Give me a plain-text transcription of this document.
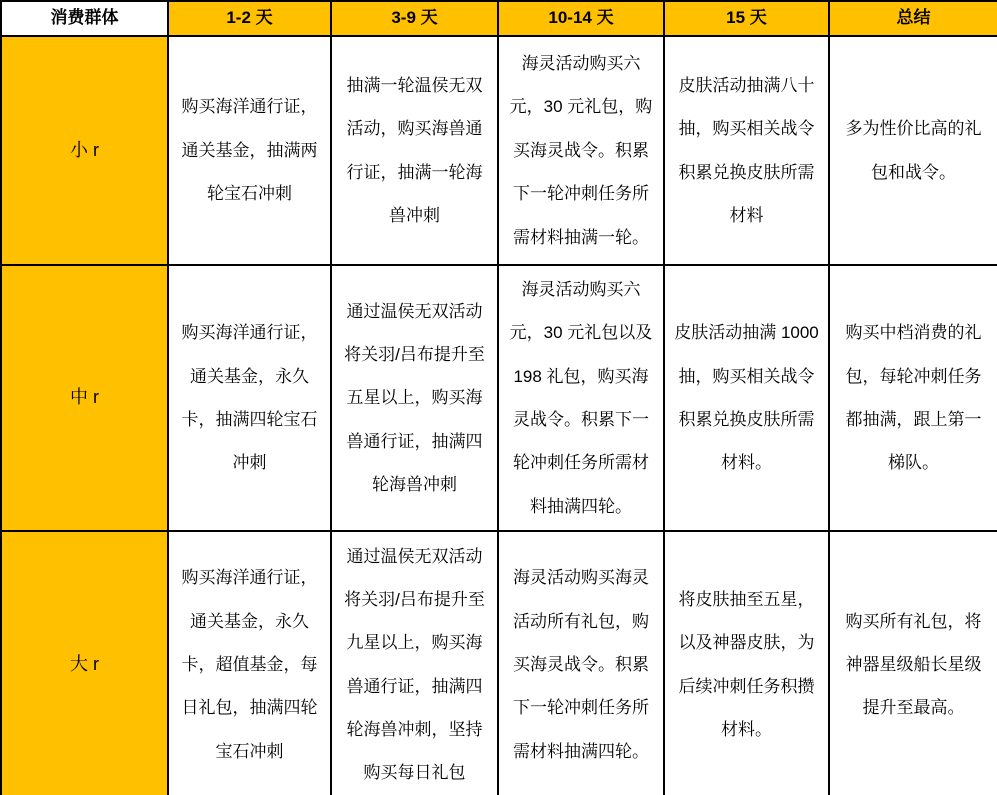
消费群体	1-2 天	3-9 天	10-14 天	15 天	总结
小 r	购买海洋通行证，通关基金，抽满两轮宝石冲刺	抽满一轮温侯无双活动，购买海兽通行证，抽满一轮海兽冲刺	海灵活动购买六元，30 元礼包，购买海灵战令。积累下一轮冲刺任务所需材料抽满一轮。	皮肤活动抽满八十抽，购买相关战令积累兑换皮肤所需材料	多为性价比高的礼包和战令。
中 r	购买海洋通行证，通关基金，永久卡，抽满四轮宝石冲刺	通过温侯无双活动将关羽/吕布提升至五星以上，购买海兽通行证，抽满四轮海兽冲刺	海灵活动购买六元，30 元礼包以及 198 礼包，购买海灵战令。积累下一轮冲刺任务所需材料抽满四轮。	皮肤活动抽满 1000 抽，购买相关战令积累兑换皮肤所需材料。	购买中档消费的礼包，每轮冲刺任务都抽满，跟上第一梯队。
大 r	购买海洋通行证，通关基金，永久卡，超值基金，每日礼包，抽满四轮宝石冲刺	通过温侯无双活动将关羽/吕布提升至九星以上，购买海兽通行证，抽满四轮海兽冲刺，坚持购买每日礼包	海灵活动购买海灵活动所有礼包，购买海灵战令。积累下一轮冲刺任务所需材料抽满四轮。	将皮肤抽至五星，以及神器皮肤，为后续冲刺任务积攒材料。	购买所有礼包，将神器星级船长星级提升至最高。
